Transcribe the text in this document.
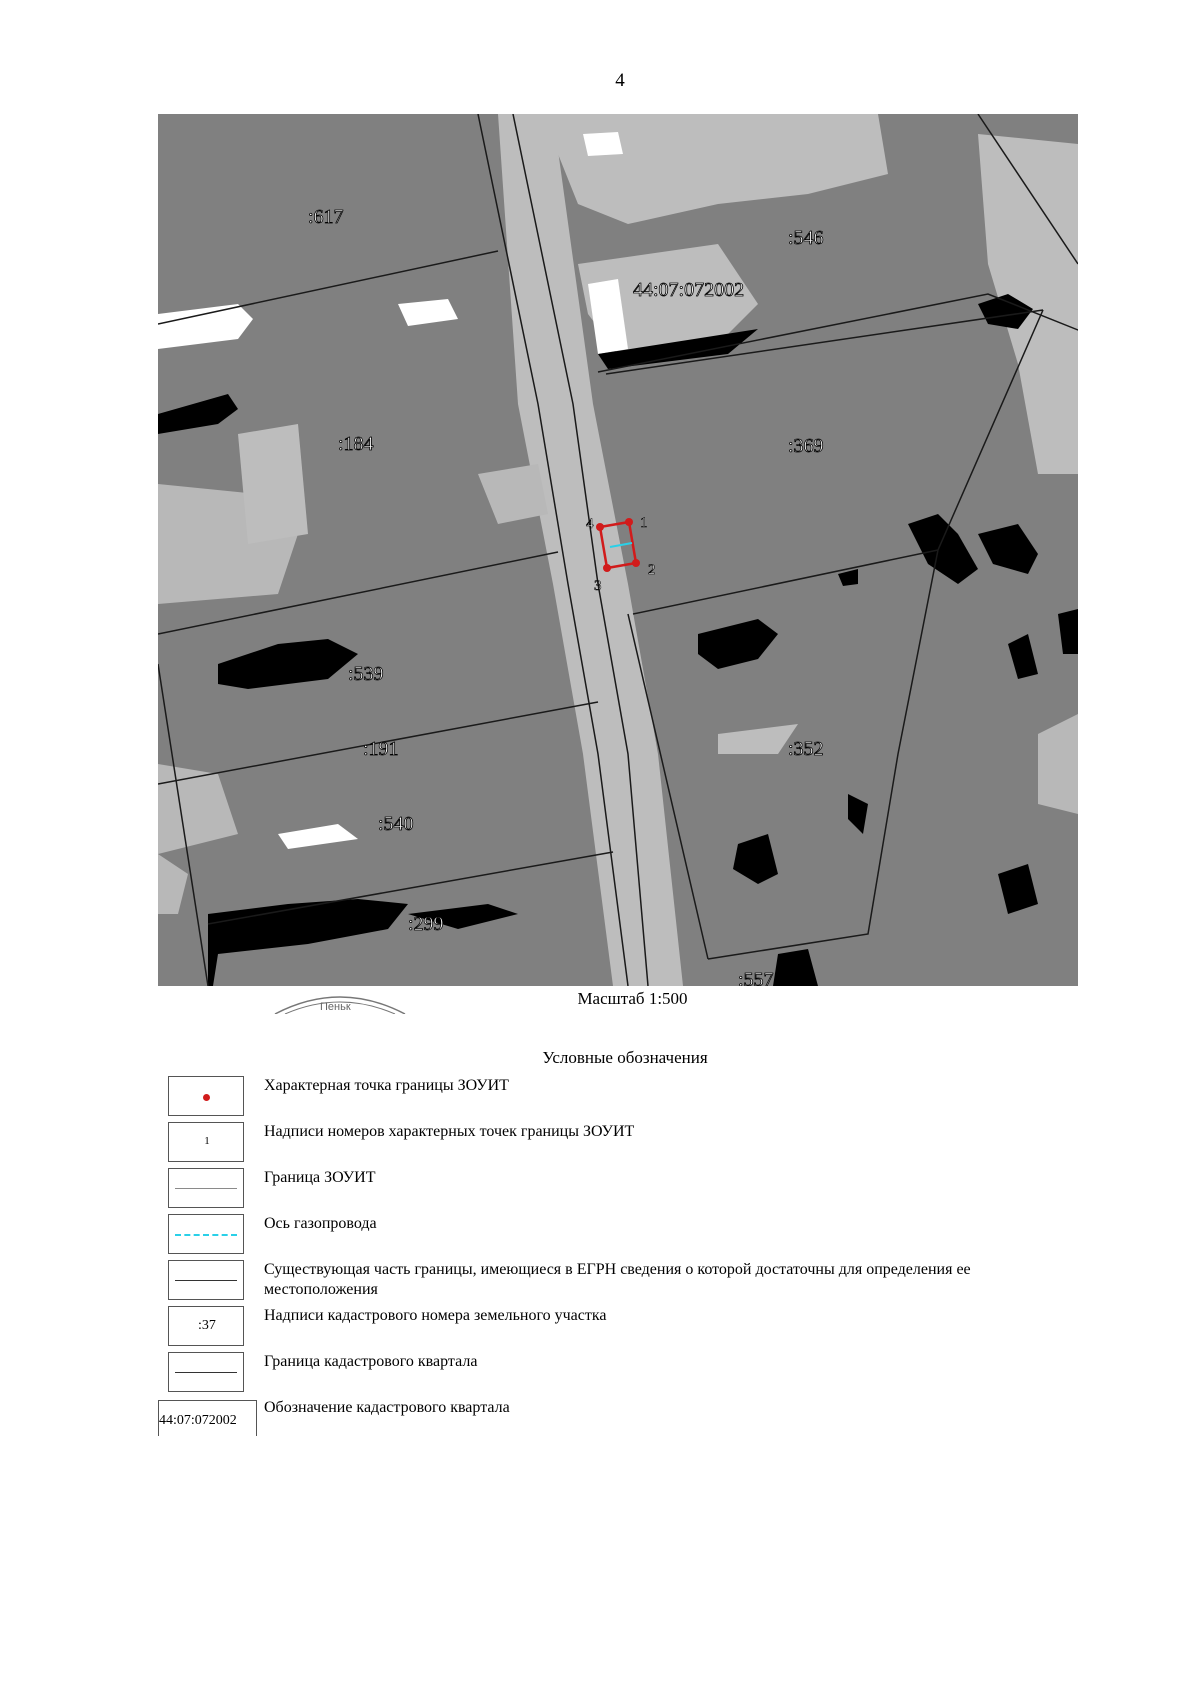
4
1
2
3
4
:617
:546
44:07:072002
:184	:369
:539
:191	:352
:540
:299
:557
Пеньк	Масштаб 1:500
Условные обозначения
Характерная точка границы ЗОУИТ
1
Надписи номеров характерных точек границы ЗОУИТ
Граница ЗОУИТ
Ось газопровода
Существующая часть границы, имеющиеся в ЕГРН сведения о которой достаточны для определения ее местоположения
:37
Надписи кадастрового номера земельного участка
Граница кадастрового квартала
44:07:072002
Обозначение кадастрового квартала
